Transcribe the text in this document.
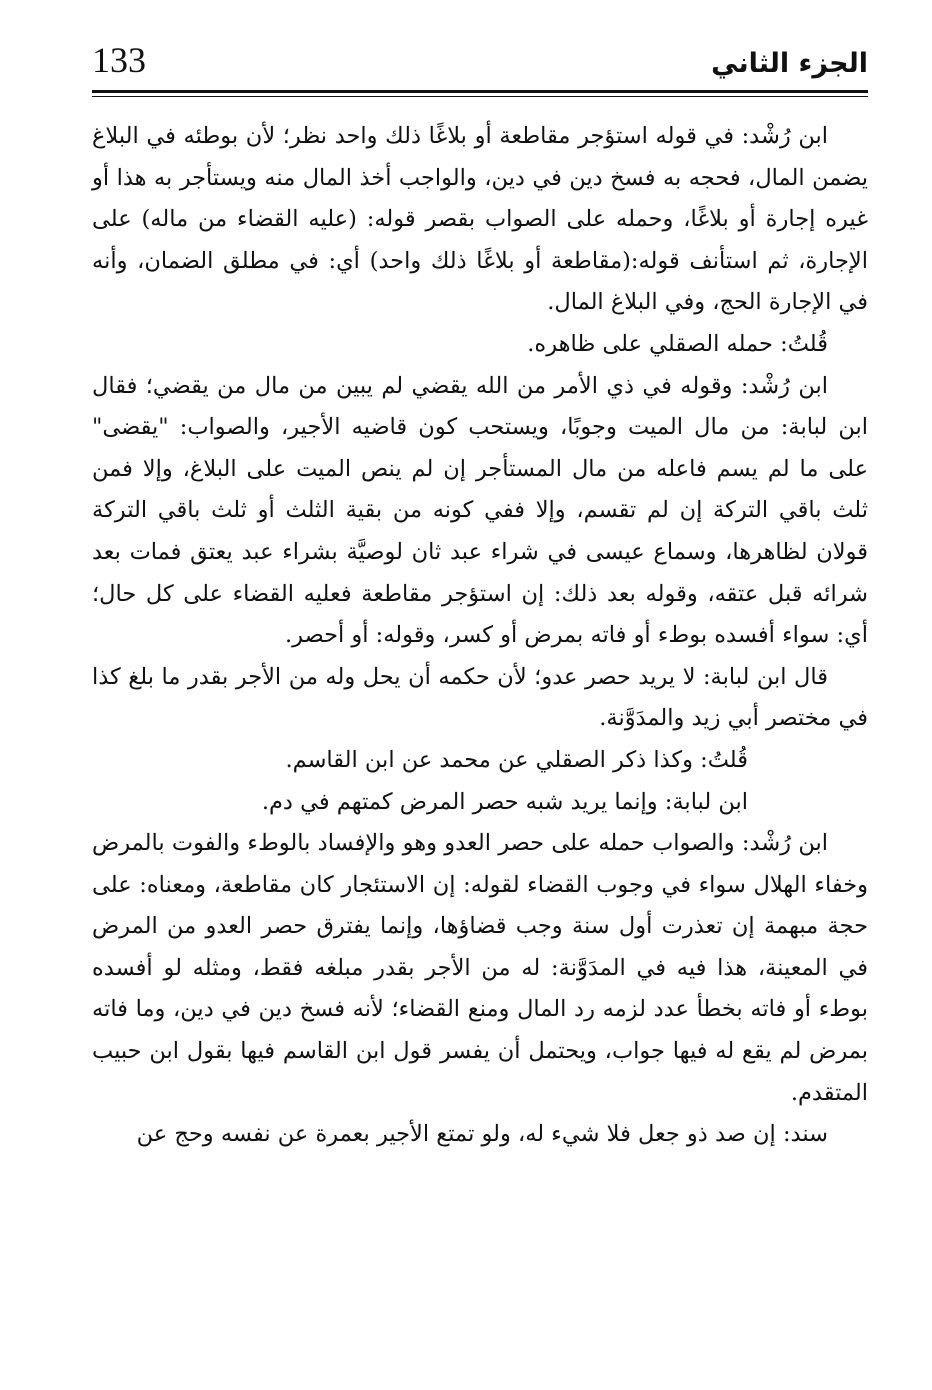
133	الجزء الثاني

ابن رُشْد: في قوله استؤجر مقاطعة أو بلاغًا ذلك واحد نظر؛ لأن بوطئه في البلاغ يضمن المال، فحجه به فسخ دين في دين، والواجب أخذ المال منه ويستأجر به هذا أو غيره إجارة أو بلاغًا، وحمله على الصواب بقصر قوله: (عليه القضاء من ماله) على الإجارة، ثم استأنف قوله:(مقاطعة أو بلاغًا ذلك واحد) أي: في مطلق الضمان، وأنه في الإجارة الحج، وفي البلاغ المال.

قُلتُ: حمله الصقلي على ظاهره.

ابن رُشْد: وقوله في ذي الأمر من الله يقضي لم يبين من مال من يقضي؛ فقال ابن لبابة: من مال الميت وجوبًا، ويستحب كون قاضيه الأجير، والصواب: "يقضى" على ما لم يسم فاعله من مال المستأجر إن لم ينص الميت على البلاغ، وإلا فمن ثلث باقي التركة إن لم تقسم، وإلا ففي كونه من بقية الثلث أو ثلث باقي التركة قولان لظاهرها، وسماع عيسى في شراء عبد ثان لوصيَّة بشراء عبد يعتق فمات بعد شرائه قبل عتقه، وقوله بعد ذلك: إن استؤجر مقاطعة فعليه القضاء على كل حال؛ أي: سواء أفسده بوطء أو فاته بمرض أو كسر، وقوله: أو أحصر.

قال ابن لبابة: لا يريد حصر عدو؛ لأن حكمه أن يحل وله من الأجر بقدر ما بلغ كذا في مختصر أبي زيد والمدَوَّنة.

قُلتُ: وكذا ذكر الصقلي عن محمد عن ابن القاسم.

ابن لبابة: وإنما يريد شبه حصر المرض كمتهم في دم.

ابن رُشْد: والصواب حمله على حصر العدو وهو والإفساد بالوطء والفوت بالمرض وخفاء الهلال سواء في وجوب القضاء لقوله: إن الاستئجار كان مقاطعة، ومعناه: على حجة مبهمة إن تعذرت أول سنة وجب قضاؤها، وإنما يفترق حصر العدو من المرض في المعينة، هذا فيه في المدَوَّنة: له من الأجر بقدر مبلغه فقط، ومثله لو أفسده بوطء أو فاته بخطأ عدد لزمه رد المال ومنع القضاء؛ لأنه فسخ دين في دين، وما فاته بمرض لم يقع له فيها جواب، ويحتمل أن يفسر قول ابن القاسم فيها بقول ابن حبيب المتقدم.

سند: إن صد ذو جعل فلا شيء له، ولو تمتع الأجير بعمرة عن نفسه وحج عن
